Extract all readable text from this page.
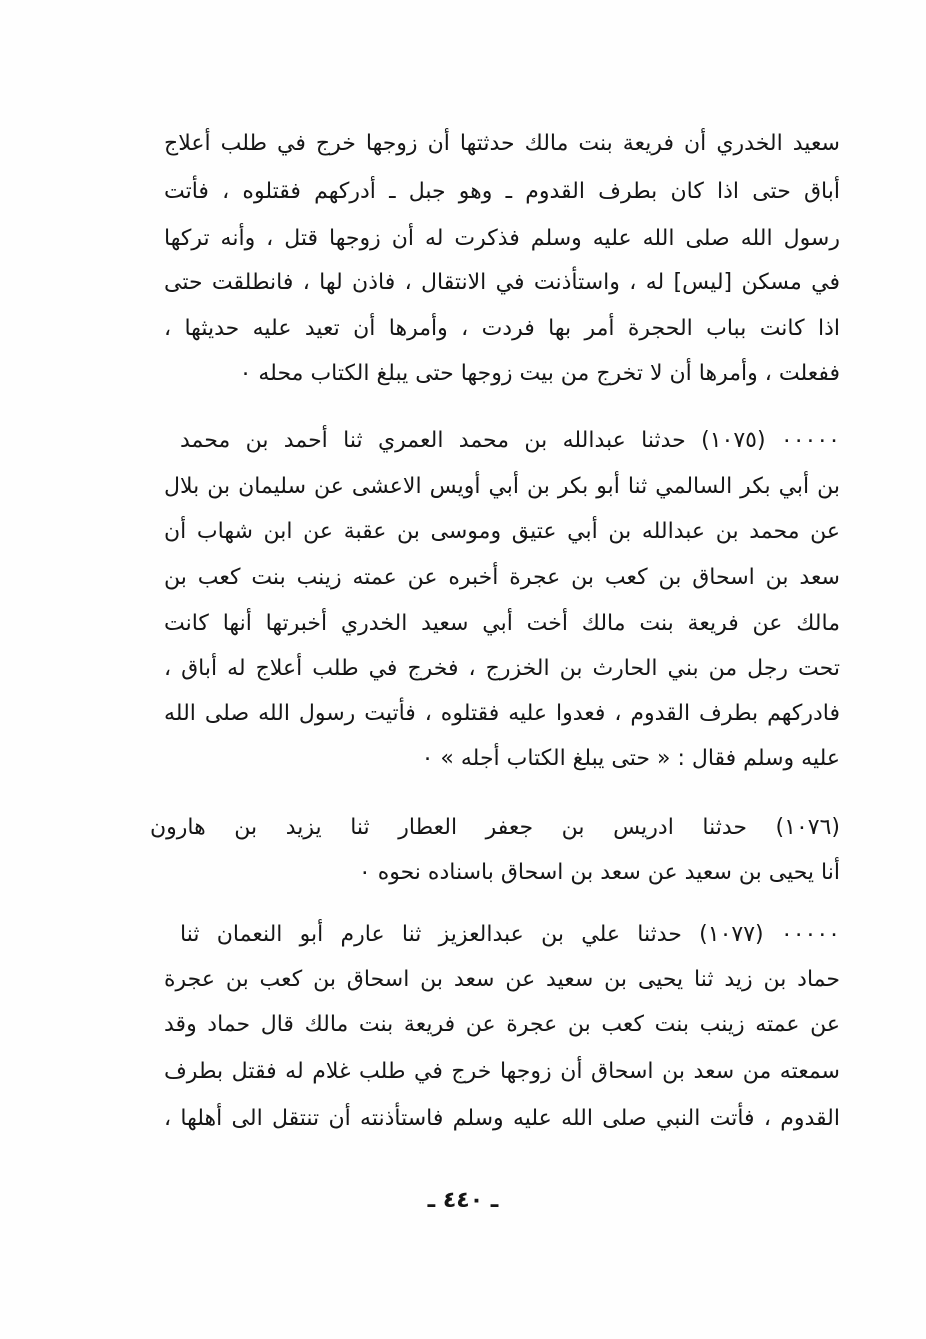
سعيد الخدري أن فريعة بنت مالك حدثتها أن زوجها خرج في طلب أعلاج
أباق حتى اذا كان بطرف القدوم ـ وهو جبل ـ أدركهم فقتلوه ، فأتت
رسول الله صلى الله عليه وسلم فذكرت له أن زوجها قتل ، وأنه تركها
في مسكن [ليس] له ، واستأذنت في الانتقال ، فاذن لها ، فانطلقت حتى
اذا كانت بباب الحجرة أمر بها فردت ، وأمرها أن تعيد عليه حديثها ،
ففعلت ، وأمرها أن لا تخرج من بيت زوجها حتى يبلغ الكتاب محله ٠
٠٠٠٠٠ (١٠٧٥) حدثنا عبدالله بن محمد العمري ثنا أحمد بن محمد
بن أبي بكر السالمي ثنا أبو بكر بن أبي أويس الاعشى عن سليمان بن بلال
عن محمد بن عبدالله بن أبي عتيق وموسى بن عقبة عن ابن شهاب أن
سعد بن اسحاق بن كعب بن عجرة أخبره عن عمته زينب بنت كعب بن
مالك عن فريعة بنت مالك أخت أبي سعيد الخدري أخبرتها أنها كانت
تحت رجل من بني الحارث بن الخزرج ، فخرج في طلب أعلاج له أباق ،
فادركهم بطرف القدوم ، فعدوا عليه فقتلوه ، فأتيت رسول الله صلى الله
عليه وسلم فقال : « حتى يبلغ الكتاب أجله » ٠
(١٠٧٦) حدثنا ادريس بن جعفر العطار ثنا يزيد بن هارون
أنا يحيى بن سعيد عن سعد بن اسحاق باسناده نحوه ٠
٠٠٠٠٠ (١٠٧٧) حدثنا علي بن عبدالعزيز ثنا عارم أبو النعمان ثنا
حماد بن زيد ثنا يحيى بن سعيد عن سعد بن اسحاق بن كعب بن عجرة
عن عمته زينب بنت كعب بن عجرة عن فريعة بنت مالك قال حماد وقد
سمعته من سعد بن اسحاق أن زوجها خرج في طلب غلام له فقتل بطرف
القدوم ، فأتت النبي صلى الله عليه وسلم فاستأذنته أن تنتقل الى أهلها ،
ـ ٤٤٠ ـ
